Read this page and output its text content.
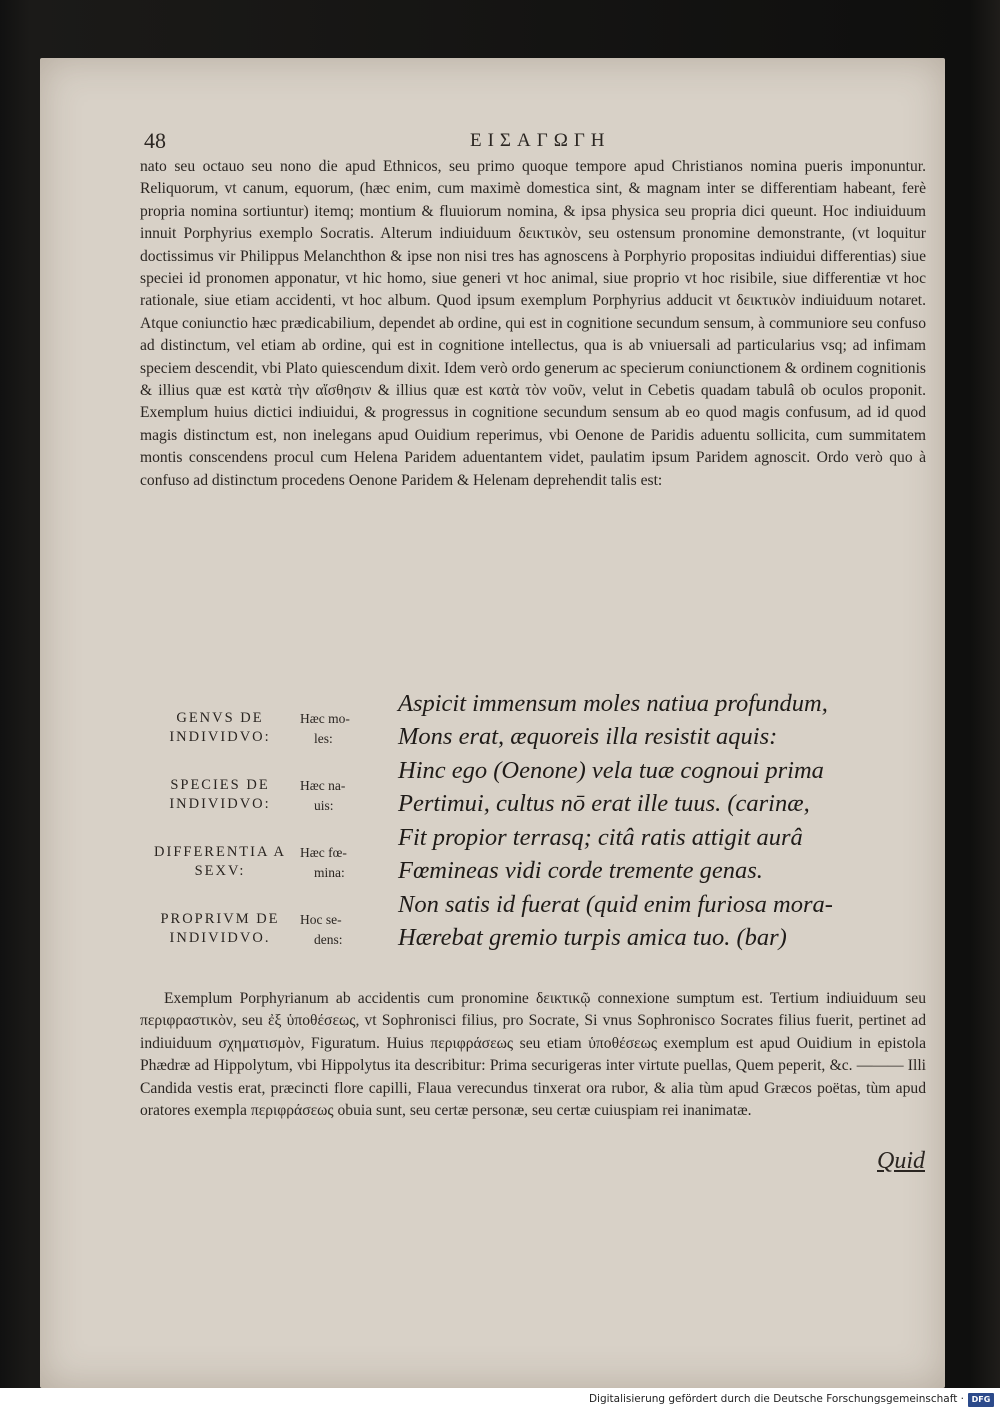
48	ΕΙΣΑΓΩΓΗ

nato seu octauo seu nono die apud Ethnicos, seu primo quoque tempore apud Christianos nomina pueris imponuntur. Reliquorum, vt canum, equorum, (hæc enim, cum maximè domestica sint, & magnam inter se differentiam habeant, ferè propria nomina sortiuntur) itemq; montium & fluuiorum nomina, & ipsa physica seu propria dici queunt. Hoc indiuiduum innuit Porphyrius exemplo Socratis. Alterum indiuiduum δεικτικὸν, seu ostensum pronomine demonstrante, (vt loquitur doctissimus vir Philippus Melanchthon & ipse non nisi tres has agnoscens à Porphyrio propositas indiuidui differentias) siue speciei id pronomen apponatur, vt hic homo, siue generi vt hoc animal, siue proprio vt hoc risibile, siue differentiæ vt hoc rationale, siue etiam accidenti, vt hoc album. Quod ipsum exemplum Porphyrius adducit vt δεικτικὸν indiuiduum notaret. Atque coniunctio hæc prædicabilium, dependet ab ordine, qui est in cognitione secundum sensum, à communiore seu confuso ad distinctum, vel etiam ab ordine, qui est in cognitione intellectus, qua is ab vniuersali ad particularius vsq; ad infimam speciem descendit, vbi Plato quiescendum dixit. Idem verò ordo generum ac specierum coniunctionem & ordinem cognitionis & illius quæ est κατὰ τὴν αἴσθησιν & illius quæ est κατὰ τὸν νοῦν, velut in Cebetis quadam tabulâ ob oculos proponit. Exemplum huius dictici indiuidui, & progressus in cognitione secundum sensum ab eo quod magis confusum, ad id quod magis distinctum est, non inelegans apud Ouidium reperimus, vbi Oenone de Paridis aduentu sollicita, cum summitatem montis conscendens procul cum Helena Paridem aduentantem videt, paulatim ipsum Paridem agnoscit. Ordo verò quo à confuso ad distinctum procedens Oenone Paridem & Helenam deprehendit talis est:

GENVS DE INDIVIDVO:
Hæc mo-
les:
Aspicit immensum moles natiua profundum,
Mons erat, æquoreis illa resistit aquis:
SPECIES DE INDIVIDVO:
Hæc na-
uis:
Hinc ego (Oenone) vela tuæ cognoui prima
Pertimui, cultus nō erat ille tuus. (carinæ,
DIFFERENTIA A SEXV:
Hæc fœ-
mina:
Fit propior terrasq; citâ ratis attigit aurâ
Fœmineas vidi corde tremente genas.
PROPRIVM DE INDIVIDVO.
Hoc se-
dens:
Non satis id fuerat (quid enim furiosa mora-
Hærebat gremio turpis amica tuo. (bar)

Exemplum Porphyrianum ab accidentis cum pronomine δεικτικῷ connexione sumptum est. Tertium indiuiduum seu περιφραστικὸν, seu ἐξ ὑποθέσεως, vt Sophronisci filius, pro Socrate, Si vnus Sophronisco Socrates filius fuerit, pertinet ad indiuiduum σχηματισμὸν, Figuratum. Huius περιφράσεως seu etiam ὑποθέσεως exemplum est apud Ouidium in epistola Phædræ ad Hippolytum, vbi Hippolytus ita describitur: Prima securigeras inter virtute puellas, Quem peperit, &c. ——— Illi Candida vestis erat, præcincti flore capilli, Flaua verecundus tinxerat ora rubor, & alia tùm apud Græcos poëtas, tùm apud oratores exempla περιφράσεως obuia sunt, seu certæ personæ, seu certæ cuiuspiam rei inanimatæ.

Quid
Digitalisierung gefördert durch die Deutsche Forschungsgemeinschaft · DFG
